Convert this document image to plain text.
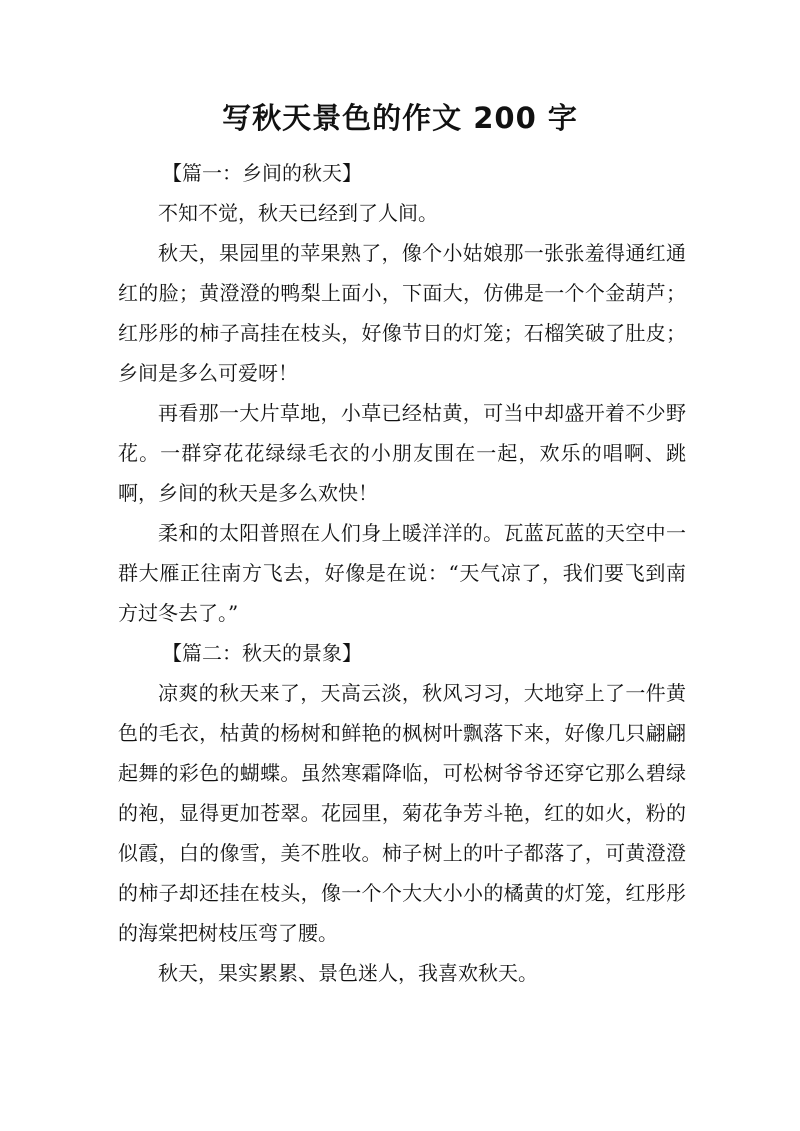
写秋天景色的作文 200 字

【篇一：乡间的秋天】

不知不觉，秋天已经到了人间。

秋天，果园里的苹果熟了，像个小姑娘那一张张羞得通红通红的脸；黄澄澄的鸭梨上面小，下面大，仿佛是一个个金葫芦；红彤彤的柿子高挂在枝头，好像节日的灯笼；石榴笑破了肚皮；乡间是多么可爱呀！

再看那一大片草地，小草已经枯黄，可当中却盛开着不少野花。一群穿花花绿绿毛衣的小朋友围在一起，欢乐的唱啊、跳啊，乡间的秋天是多么欢快！

柔和的太阳普照在人们身上暖洋洋的。瓦蓝瓦蓝的天空中一群大雁正往南方飞去，好像是在说：“天气凉了，我们要飞到南方过冬去了。”

【篇二：秋天的景象】

凉爽的秋天来了，天高云淡，秋风习习，大地穿上了一件黄色的毛衣，枯黄的杨树和鲜艳的枫树叶飘落下来，好像几只翩翩起舞的彩色的蝴蝶。虽然寒霜降临，可松树爷爷还穿它那么碧绿的袍，显得更加苍翠。花园里，菊花争芳斗艳，红的如火，粉的似霞，白的像雪，美不胜收。柿子树上的叶子都落了，可黄澄澄的柿子却还挂在枝头，像一个个大大小小的橘黄的灯笼，红彤彤的海棠把树枝压弯了腰。

秋天，果实累累、景色迷人，我喜欢秋天。
